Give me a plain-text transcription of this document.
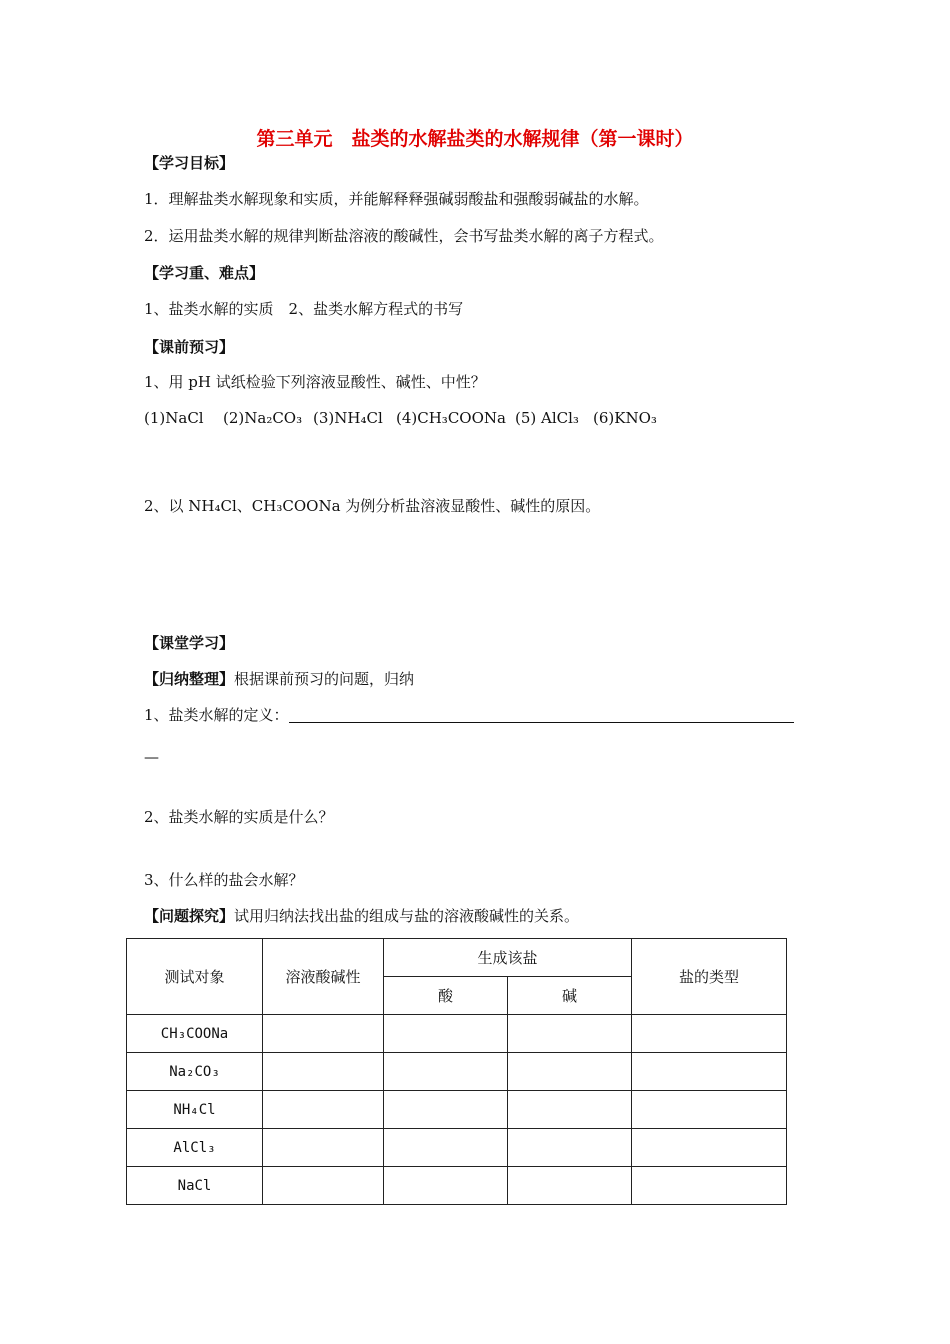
第三单元　盐类的水解盐类的水解规律（第一课时）
【学习目标】
1．理解盐类水解现象和实质，并能解释释强碱弱酸盐和强酸弱碱盐的水解。
2．运用盐类水解的规律判断盐溶液的酸碱性，会书写盐类水解的离子方程式。
【学习重、难点】
1、盐类水解的实质　2、盐类水解方程式的书写
【课前预习】
1、用 pH 试纸检验下列溶液显酸性、碱性、中性？
(1)NaCl (2)Na₂CO₃ (3)NH₄Cl (4)CH₃COONa (5) AlCl₃ (6)KNO₃
2、以 NH₄Cl、CH₃COONa 为例分析盐溶液显酸性、碱性的原因。
【课堂学习】
【归纳整理】根据课前预习的问题，归纳
1、盐类水解的定义：
—
2、盐类水解的实质是什么？
3、什么样的盐会水解？
【问题探究】试用归纳法找出盐的组成与盐的溶液酸碱性的关系。
测试对象	溶液酸碱性	生成该盐		盐的类型
		酸	碱	
CH₃COONa				
Na₂CO₃				
NH₄Cl				
AlCl₃				
NaCl				
